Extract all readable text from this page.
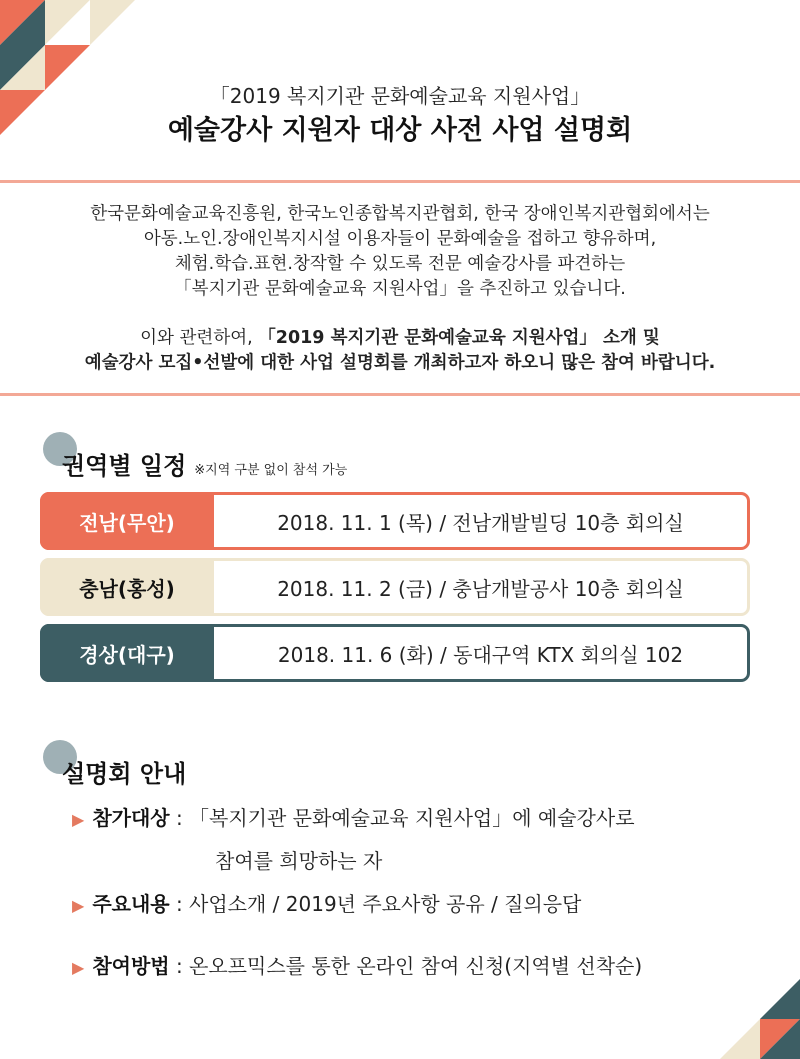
「2019 복지기관 문화예술교육 지원사업」
예술강사 지원자 대상 사전 사업 설명회

한국문화예술교육진흥원, 한국노인종합복지관협회, 한국 장애인복지관협회에서는

아동.노인.장애인복지시설 이용자들이 문화예술을 접하고 향유하며,

체험.학습.표현.창작할 수 있도록 전문 예술강사를 파견하는

「복지기관 문화예술교육 지원사업」을 추진하고 있습니다.

이와 관련하여, 「2019 복지기관 문화예술교육 지원사업」 소개 및

예술강사 모집•선발에 대한 사업 설명회를 개최하고자 하오니 많은 참여 바랍니다.

권역별 일정 ※지역 구분 없이 참석 가능
전남(무안)	2018. 11. 1 (목) / 전남개발빌딩 10층 회의실
충남(홍성)	2018. 11. 2 (금) / 충남개발공사 10층 회의실
경상(대구)	2018. 11. 6 (화) / 동대구역 KTX 회의실 102
설명회 안내
▶ 참가대상 : 「복지기관 문화예술교육 지원사업」에 예술강사로
참여를 희망하는 자
▶ 주요내용 : 사업소개 / 2019년 주요사항 공유 / 질의응답
▶ 참여방법 : 온오프믹스를 통한 온라인 참여 신청(지역별 선착순)
